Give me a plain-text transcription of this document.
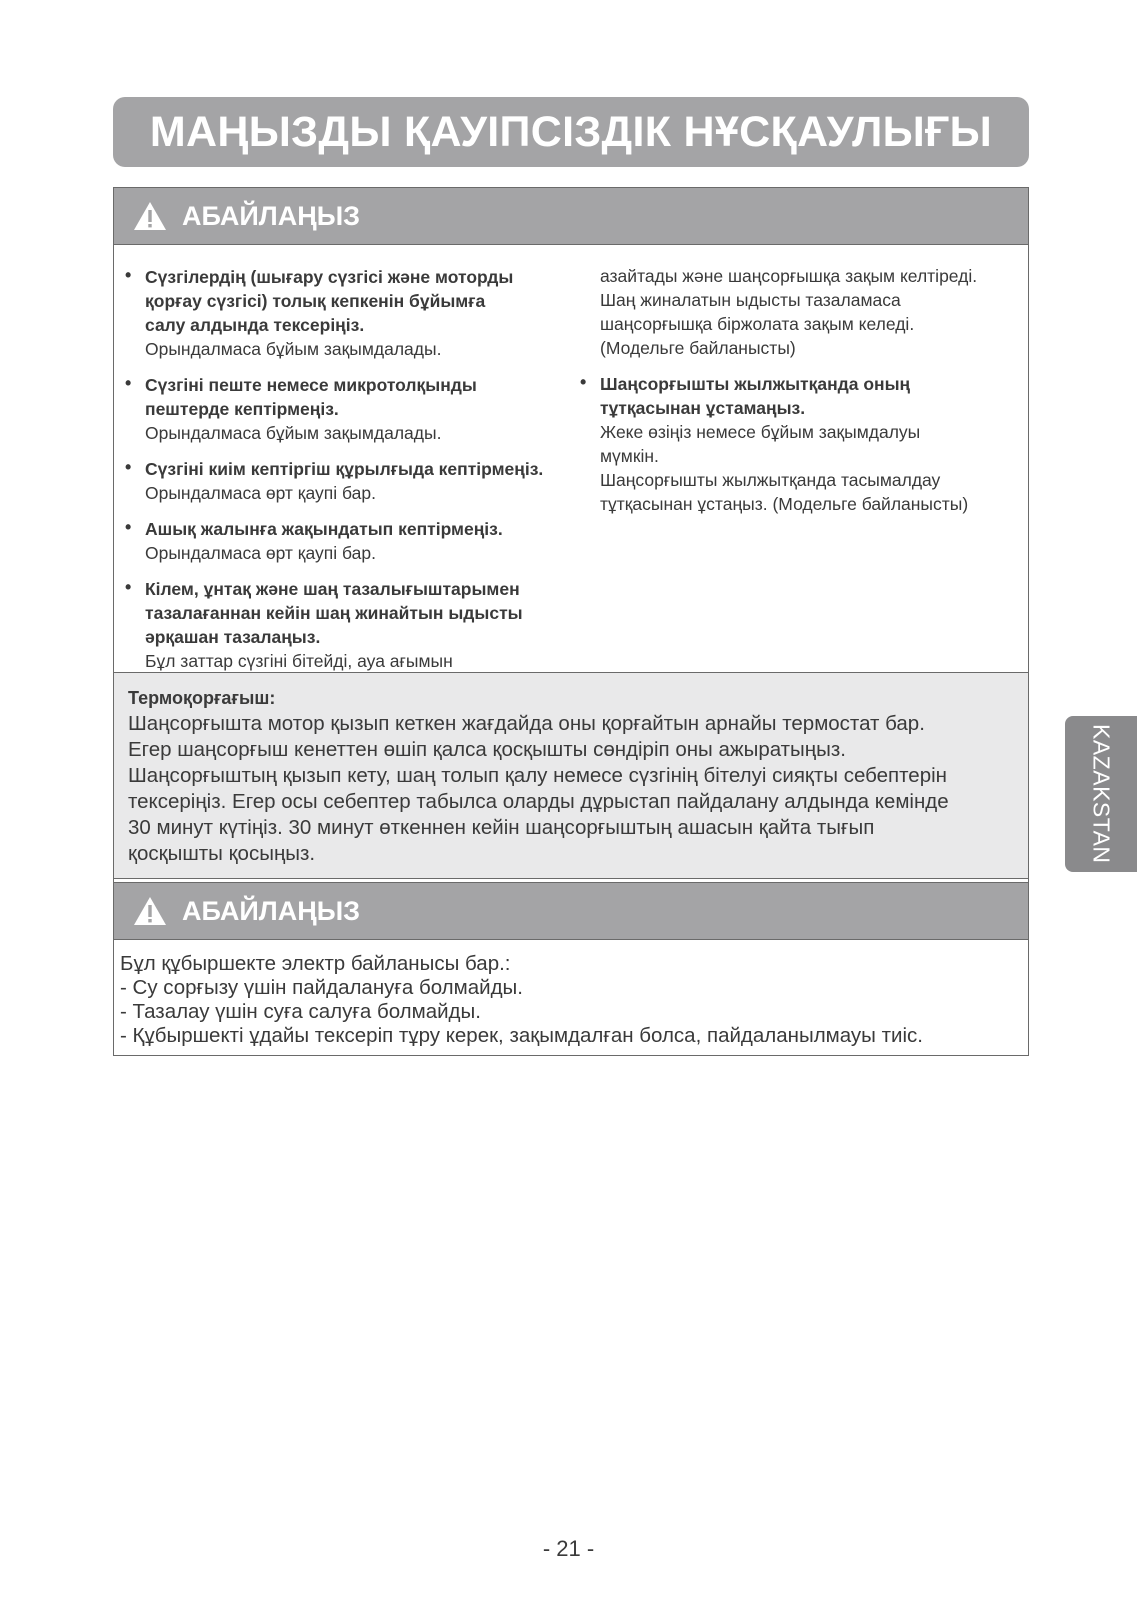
МАҢЫЗДЫ ҚАУІПСІЗДІК НҰСҚАУЛЫҒЫ
АБАЙЛАҢЫЗ
• Сүзгілердің (шығару сүзгісі және моторды
қорғау сүзгісі) толық кепкенін бұйымға
салу алдында тексеріңіз.
Орындалмаса бұйым зақымдалады.
• Сүзгіні пеште немесе микротолқынды
пештерде кептірмеңіз.
Орындалмаса бұйым зақымдалады.
• Сүзгіні киім кептіргіш құрылғыда кептірмеңіз.
Орындалмаса өрт қаупі бар.
• Ашық жалынға жақындатып кептірмеңіз.
Орындалмаса өрт қаупі бар.
• Кілем, ұнтақ және шаң тазалығыштарымен
тазалағаннан кейін шаң жинайтын ыдысты
әрқашан тазалаңыз.
Бұл заттар сүзгіні бітейді, ауа ағымын
азайтады және шаңсорғышқа зақым келтіреді.
Шаң жиналатын ыдысты тазаламаса
шаңсорғышқа біржолата зақым келеді.
(Модельге байланысты)
• Шаңсорғышты жылжытқанда оның
тұтқасынан ұстамаңыз.
Жеке өзіңіз немесе бұйым зақымдалуы
мүмкін.
Шаңсорғышты жылжытқанда тасымалдау
тұтқасынан ұстаңыз. (Модельге байланысты)
Термоқорғағыш:
Шаңсорғышта мотор қызып кеткен жағдайда оны қорғайтын арнайы термостат бар.
Егер шаңсорғыш кенеттен өшіп қалса қосқышты сөндіріп оны ажыратыңыз.
Шаңсорғыштың қызып кету, шаң толып қалу немесе сүзгінің бітелуі сияқты себептерін
тексеріңіз. Егер осы себептер табылса оларды дұрыстап пайдалану алдында кемінде
30 минут күтіңіз. 30 минут өткеннен кейін шаңсорғыштың ашасын қайта тығып
қосқышты қосыңыз.
АБАЙЛАҢЫЗ
Бұл құбыршекте электр байланысы бар.:
- Су сорғызу үшін пайдалануға болмайды.
- Тазалау үшін суға салуға болмайды.
- Құбыршекті ұдайы тексеріп тұру керек, зақымдалған болса, пайдаланылмауы тиіс.
KAZAKSTAN
- 21 -
